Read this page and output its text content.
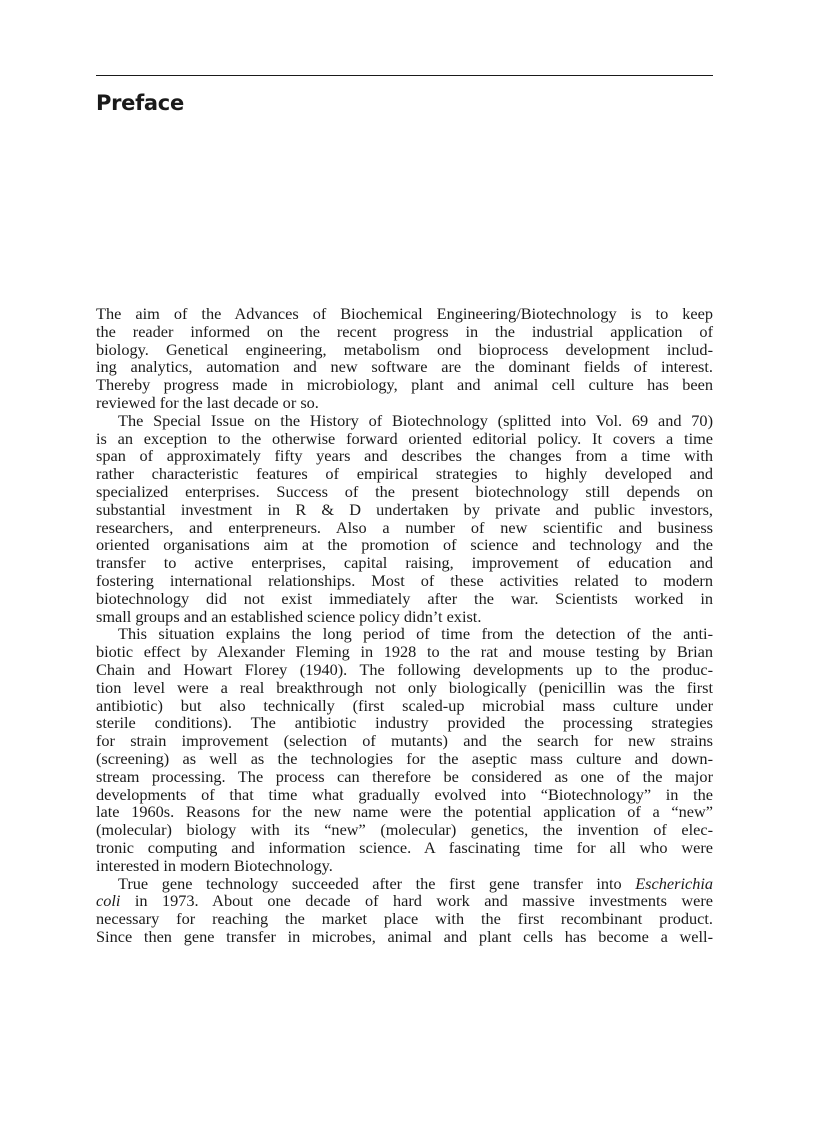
Preface

The aim of the Advances of Biochemical Engineering/Biotechnology is to keep
the reader informed on the recent progress in the industrial application of
biology. Genetical engineering, metabolism ond bioprocess development includ-
ing analytics, automation and new software are the dominant fields of interest.
Thereby progress made in microbiology, plant and animal cell culture has been
reviewed for the last decade or so.

The Special Issue on the History of Biotechnology (splitted into Vol. 69 and 70)
is an exception to the otherwise forward oriented editorial policy. It covers a time
span of approximately fifty years and describes the changes from a time with
rather characteristic features of empirical strategies to highly developed and
specialized enterprises. Success of the present biotechnology still depends on
substantial investment in R & D undertaken by private and public investors,
researchers, and enterpreneurs. Also a number of new scientific and business
oriented organisations aim at the promotion of science and technology and the
transfer to active enterprises, capital raising, improvement of education and
fostering international relationships. Most of these activities related to modern
biotechnology did not exist immediately after the war. Scientists worked in
small groups and an established science policy didn’t exist.

This situation explains the long period of time from the detection of the anti-
biotic effect by Alexander Fleming in 1928 to the rat and mouse testing by Brian
Chain and Howart Florey (1940). The following developments up to the produc-
tion level were a real breakthrough not only biologically (penicillin was the first
antibiotic) but also technically (first scaled-up microbial mass culture under
sterile conditions). The antibiotic industry provided the processing strategies
for strain improvement (selection of mutants) and the search for new strains
(screening) as well as the technologies for the aseptic mass culture and down-
stream processing. The process can therefore be considered as one of the major
developments of that time what gradually evolved into “Biotechnology” in the
late 1960s. Reasons for the new name were the potential application of a “new”
(molecular) biology with its “new” (molecular) genetics, the invention of elec-
tronic computing and information science. A fascinating time for all who were
interested in modern Biotechnology.

True gene technology succeeded after the first gene transfer into Escherichia
coli in 1973. About one decade of hard work and massive investments were
necessary for reaching the market place with the first recombinant product.
Since then gene transfer in microbes, animal and plant cells has become a well-
